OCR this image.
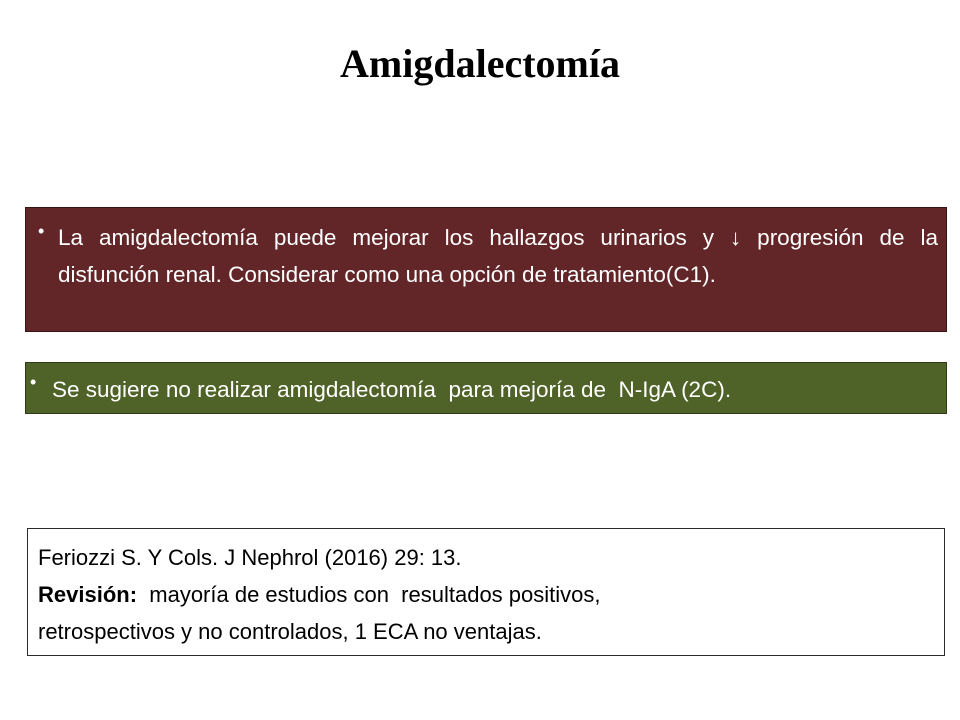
Amigdalectomía
• La amigdalectomía puede mejorar los hallazgos urinarios y ↓ progresión de la disfunción renal. Considerar como una opción de tratamiento(C1).
• Se sugiere no realizar amigdalectomía  para mejoría de  N-IgA (2C).
Feriozzi S. Y Cols. J Nephrol (2016) 29: 13.
Revisión:  mayoría de estudios con  resultados positivos,
retrospectivos y no controlados, 1 ECA no ventajas.
